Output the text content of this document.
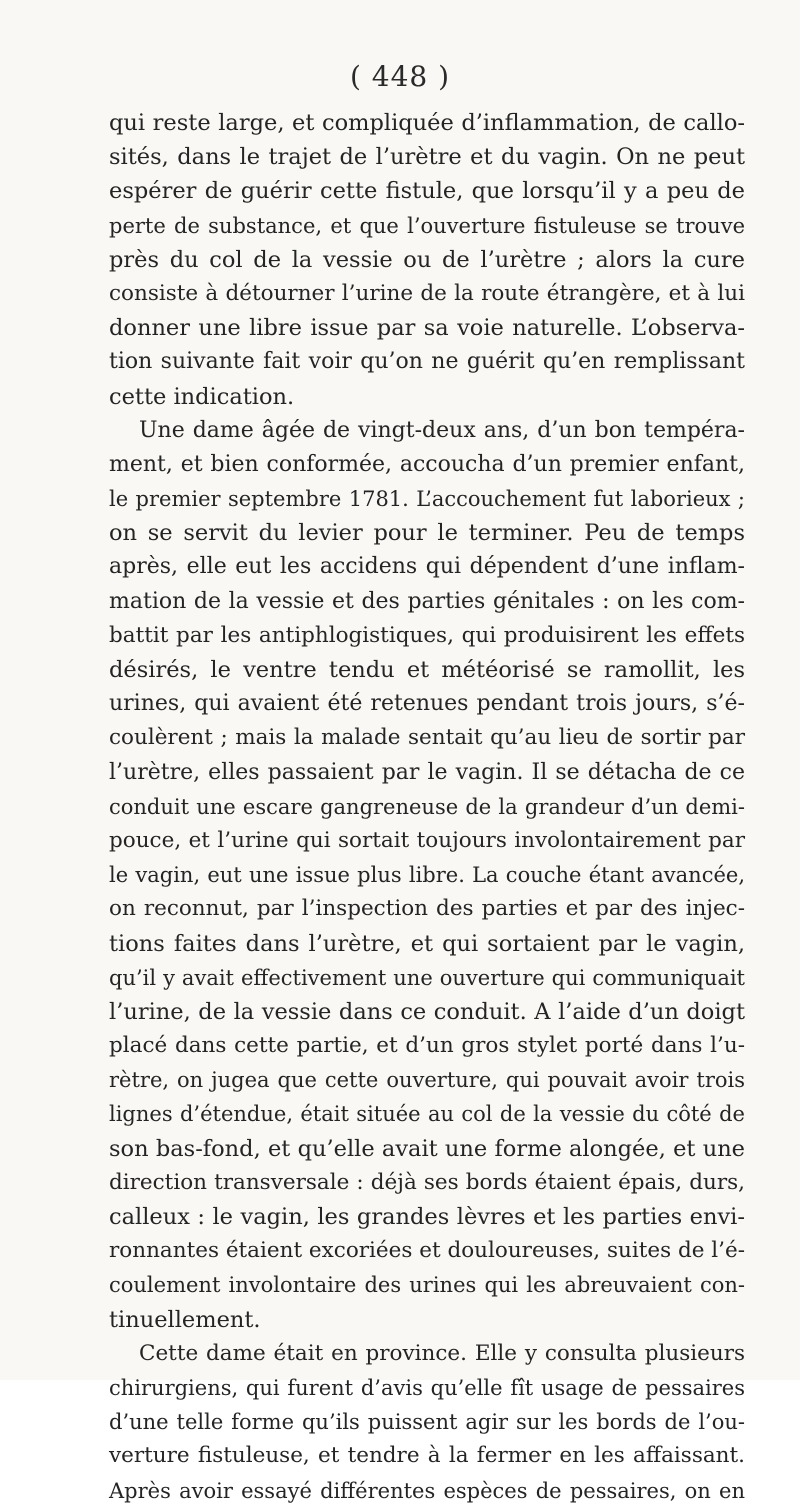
( 448 )
qui reste large, et compliquée d’inflammation, de callo-
sités, dans le trajet de l’urètre et du vagin. On ne peut
espérer de guérir cette fistule, que lorsqu’il y a peu de
perte de substance, et que l’ouverture fistuleuse se trouve
près du col de la vessie ou de l’urètre ; alors la cure
consiste à détourner l’urine de la route étrangère, et à lui
donner une libre issue par sa voie naturelle. L’observa-
tion suivante fait voir qu’on ne guérit qu’en remplissant
cette indication.
Une dame âgée de vingt-deux ans, d’un bon tempéra-
ment, et bien conformée, accoucha d’un premier enfant,
le premier septembre 1781. L’accouchement fut laborieux ;
on se servit du levier pour le terminer. Peu de temps
après, elle eut les accidens qui dépendent d’une inflam-
mation de la vessie et des parties génitales : on les com-
battit par les antiphlogistiques, qui produisirent les effets
désirés, le ventre tendu et météorisé se ramollit, les
urines, qui avaient été retenues pendant trois jours, s’é-
coulèrent ; mais la malade sentait qu’au lieu de sortir par
l’urètre, elles passaient par le vagin. Il se détacha de ce
conduit une escare gangreneuse de la grandeur d’un demi-
pouce, et l’urine qui sortait toujours involontairement par
le vagin, eut une issue plus libre. La couche étant avancée,
on reconnut, par l’inspection des parties et par des injec-
tions faites dans l’urètre, et qui sortaient par le vagin,
qu’il y avait effectivement une ouverture qui communiquait
l’urine, de la vessie dans ce conduit. A l’aide d’un doigt
placé dans cette partie, et d’un gros stylet porté dans l’u-
rètre, on jugea que cette ouverture, qui pouvait avoir trois
lignes d’étendue, était située au col de la vessie du côté de
son bas-fond, et qu’elle avait une forme alongée, et une
direction transversale : déjà ses bords étaient épais, durs,
calleux : le vagin, les grandes lèvres et les parties envi-
ronnantes étaient excoriées et douloureuses, suites de l’é-
coulement involontaire des urines qui les abreuvaient con-
tinuellement.
Cette dame était en province. Elle y consulta plusieurs
chirurgiens, qui furent d’avis qu’elle fît usage de pessaires
d’une telle forme qu’ils puissent agir sur les bords de l’ou-
verture fistuleuse, et tendre à la fermer en les affaissant.
Après avoir essayé différentes espèces de pessaires, on en
